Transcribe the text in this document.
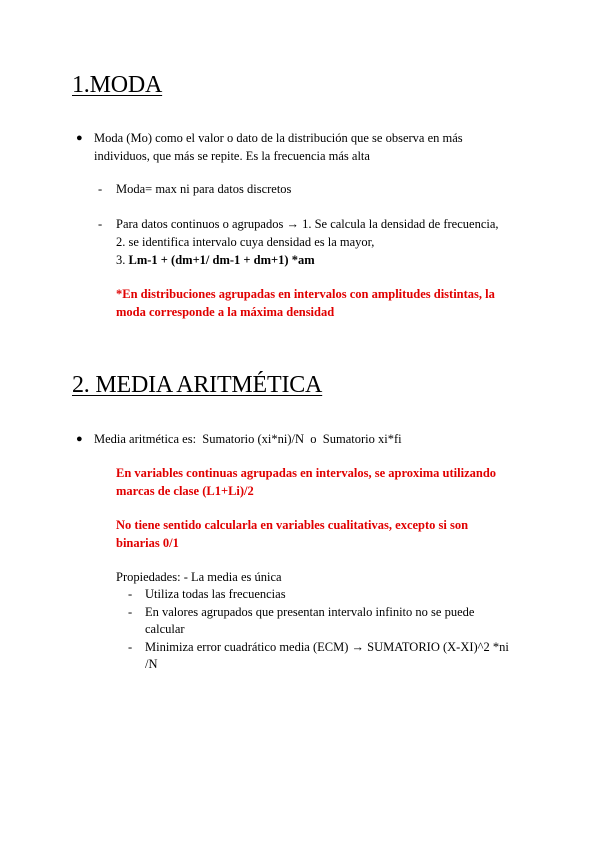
1.MODA
● Moda (Mo) como el valor o dato de la distribución que se observa en más
individuos, que más se repite. Es la frecuencia más alta
- Moda= max ni para datos discretos
- Para datos continuos o agrupados → 1. Se calcula la densidad de frecuencia,
2. se identifica intervalo cuya densidad es la mayor,
3. Lm-1 + (dm+1/ dm-1 + dm+1) *am
*En distribuciones agrupadas en intervalos con amplitudes distintas, la
moda corresponde a la máxima densidad
2. MEDIA ARITMÉTICA
● Media aritmética es:  Sumatorio (xi*ni)/N  o  Sumatorio xi*fi
En variables continuas agrupadas en intervalos, se aproxima utilizando
marcas de clase (L1+Li)/2
No tiene sentido calcularla en variables cualitativas, excepto si son
binarias 0/1
Propiedades: - La media es única
- Utiliza todas las frecuencias
- En valores agrupados que presentan intervalo infinito no se puede
calcular
- Minimiza error cuadrático media (ECM) → SUMATORIO (X-XI)^2 *ni
/N
